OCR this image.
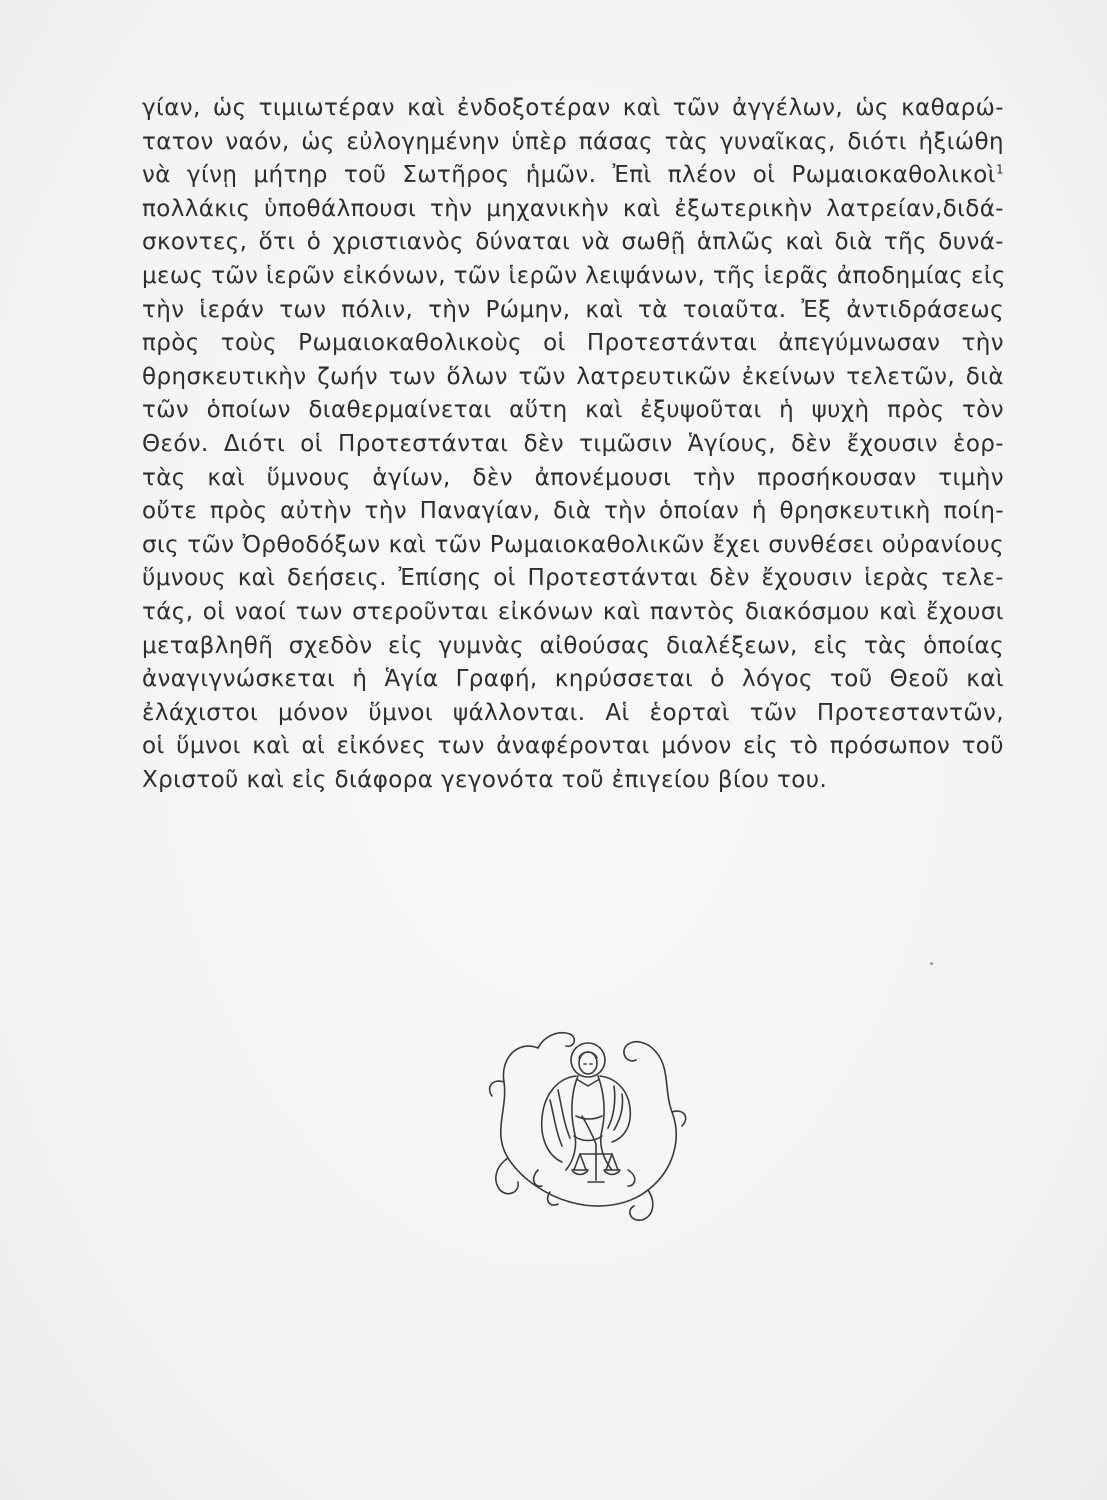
γίαν, ὡς τιμιωτέραν καὶ ἐνδοξοτέραν καὶ τῶν ἀγγέλων, ὡς καθαρώ-
τατον ναόν, ὡς εὐλογημένην ὑπὲρ πάσας τὰς γυναῖκας, διότι ἠξιώθη
νὰ γίνῃ μήτηρ τοῦ Σωτῆρος ἡμῶν. Ἐπὶ πλέον οἱ Ρωμαιοκαθολικοὶ$^1$
πολλάκις ὑποθάλπουσι τὴν μηχανικὴν καὶ ἐξωτερικὴν λατρείαν,διδά-
σκοντες, ὅτι ὁ χριστιανὸς δύναται νὰ σωθῇ ἁπλῶς καὶ διὰ τῆς δυνά-
μεως τῶν ἱερῶν εἰκόνων, τῶν ἱερῶν λειψάνων, τῆς ἱερᾶς ἀποδημίας εἰς
τὴν ἱεράν των πόλιν, τὴν Ρώμην, καὶ τὰ τοιαῦτα. Ἐξ ἀντιδράσεως
πρὸς τοὺς Ρωμαιοκαθολικοὺς οἱ Προτεστάνται ἀπεγύμνωσαν τὴν
θρησκευτικὴν ζωήν των ὅλων τῶν λατρευτικῶν ἐκείνων τελετῶν, διὰ
τῶν ὁποίων διαθερμαίνεται αὕτη καὶ ἐξυψοῦται ἡ ψυχὴ πρὸς τὸν
Θεόν. Διότι οἱ Προτεστάνται δὲν τιμῶσιν Ἁγίους, δὲν ἔχουσιν ἑορ-
τὰς καὶ ὕμνους ἁγίων, δὲν ἀπονέμουσι τὴν προσήκουσαν τιμὴν
οὔτε πρὸς αὐτὴν τὴν Παναγίαν, διὰ τὴν ὁποίαν ἡ θρησκευτικὴ ποίη-
σις τῶν Ὀρθοδόξων καὶ τῶν Ρωμαιοκαθολικῶν ἔχει συνθέσει οὐρανίους
ὕμνους καὶ δεήσεις. Ἐπίσης οἱ Προτεστάνται δὲν ἔχουσιν ἱερὰς τελε-
τάς, οἱ ναοί των στεροῦνται εἰκόνων καὶ παντὸς διακόσμου καὶ ἔχουσι
μεταβληθῆ σχεδὸν εἰς γυμνὰς αἰθούσας διαλέξεων, εἰς τὰς ὁποίας
ἀναγιγνώσκεται ἡ Ἁγία Γραφή, κηρύσσεται ὁ λόγος τοῦ Θεοῦ καὶ
ἐλάχιστοι μόνον ὕμνοι ψάλλονται. Αἱ ἑορταὶ τῶν Προτεσταντῶν,
οἱ ὕμνοι καὶ αἱ εἰκόνες των ἀναφέρονται μόνον εἰς τὸ πρόσωπον τοῦ
Χριστοῦ καὶ εἰς διάφορα γεγονότα τοῦ ἐπιγείου βίου του.
